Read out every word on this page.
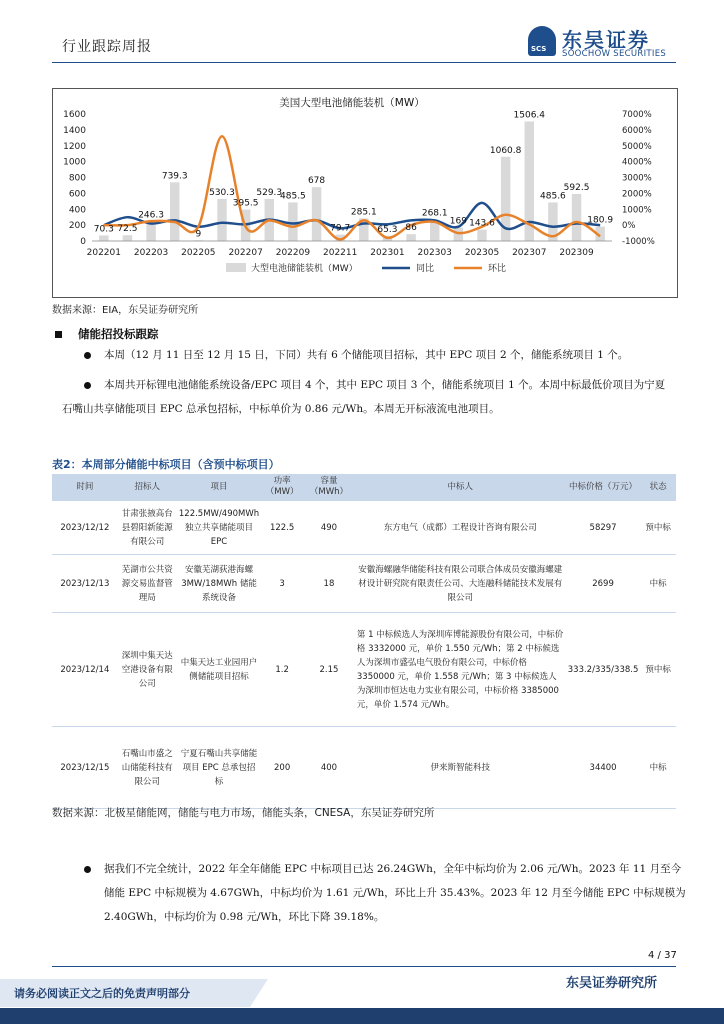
行业跟踪周报	SCS 东吴证券
SOOCHOW SECURITIES
美国大型电池储能装机（MW）
0
200
400
600
800
1000
1200
1400
1600
-1000%
0%
1000%
2000%
3000%
4000%
5000%
6000%
7000%
70.3 72.5
246.3
739.3
9
530.3
395.5
529.3
485.5
678
79.7
285.1
65.3 86
268.1
169 143.6
1060.8
1506.4
485.6
592.5
180.9
202201 202203 202205 202207 202209 202211 202301 202303 202305 202307 202309
大型电池储能装机（MW）	同比	环比
数据来源：EIA，东吴证券研究所
储能招投标跟踪
本周（12 月 11 日至 12 月 15 日，下同）共有 6 个储能项目招标，其中 EPC 项目 2 个，储能系统项目 1 个。
本周共开标锂电池储能系统设备/EPC 项目 4 个，其中 EPC 项目 3 个，储能系统项目 1 个。本周中标最低价项目为宁夏
石嘴山共享储能项目 EPC 总承包招标，中标单价为 0.86 元/Wh。本周无开标液流电池项目。
表2：本周部分储能中标项目（含预中标项目）
时间	招标人	项目	功率（MW）	容量（MWh）	中标人	中标价格（万元）	状态
2023/12/12	甘肃张掖高台县碧阳新能源有限公司	122.5MW/490MWh 独立共享储能项目 EPC	122.5	490	东方电气（成都）工程设计咨询有限公司	58297	预中标
2023/12/13	芜湖市公共资源交易监督管理局	安徽芜湖荻港海螺 3MW/18MWh 储能系统设备	3	18	安徽海螺融华储能科技有限公司联合体成员安徽海螺建材设计研究院有限责任公司、大连融科储能技术发展有限公司	2699	中标
2023/12/14	深圳中集天达空港设备有限公司	中集天达工业园用户侧储能项目招标	1.2	2.15	第 1 中标候选人为深圳库博能源股份有限公司，中标价格 3332000 元，单价 1.550 元/Wh；第 2 中标候选人为深圳市盛弘电气股份有限公司，中标价格 3350000 元，单价 1.558 元/Wh；第 3 中标候选人为深圳市恒达电力实业有限公司，中标价格 3385000 元，单价 1.574 元/Wh。	333.2/335/338.5	预中标
2023/12/15	石嘴山市盛之山储能科技有限公司	宁夏石嘴山共享储能项目 EPC 总承包招标	200	400	伊来斯智能科技	34400	中标
数据来源：北极星储能网，储能与电力市场，储能头条，CNESA，东吴证券研究所
据我们不完全统计，2022 年全年储能 EPC 中标项目已达 26.24GWh，全年中标均价为 2.06 元/Wh。2023 年 11 月至今
储能 EPC 中标规模为 4.67GWh，中标均价为 1.61 元/Wh，环比上升 35.43%。2023 年 12 月至今储能 EPC 中标规模为
2.40GWh，中标均价为 0.98 元/Wh，环比下降 39.18%。
4 / 37
请务必阅读正文之后的免责声明部分
东吴证券研究所
